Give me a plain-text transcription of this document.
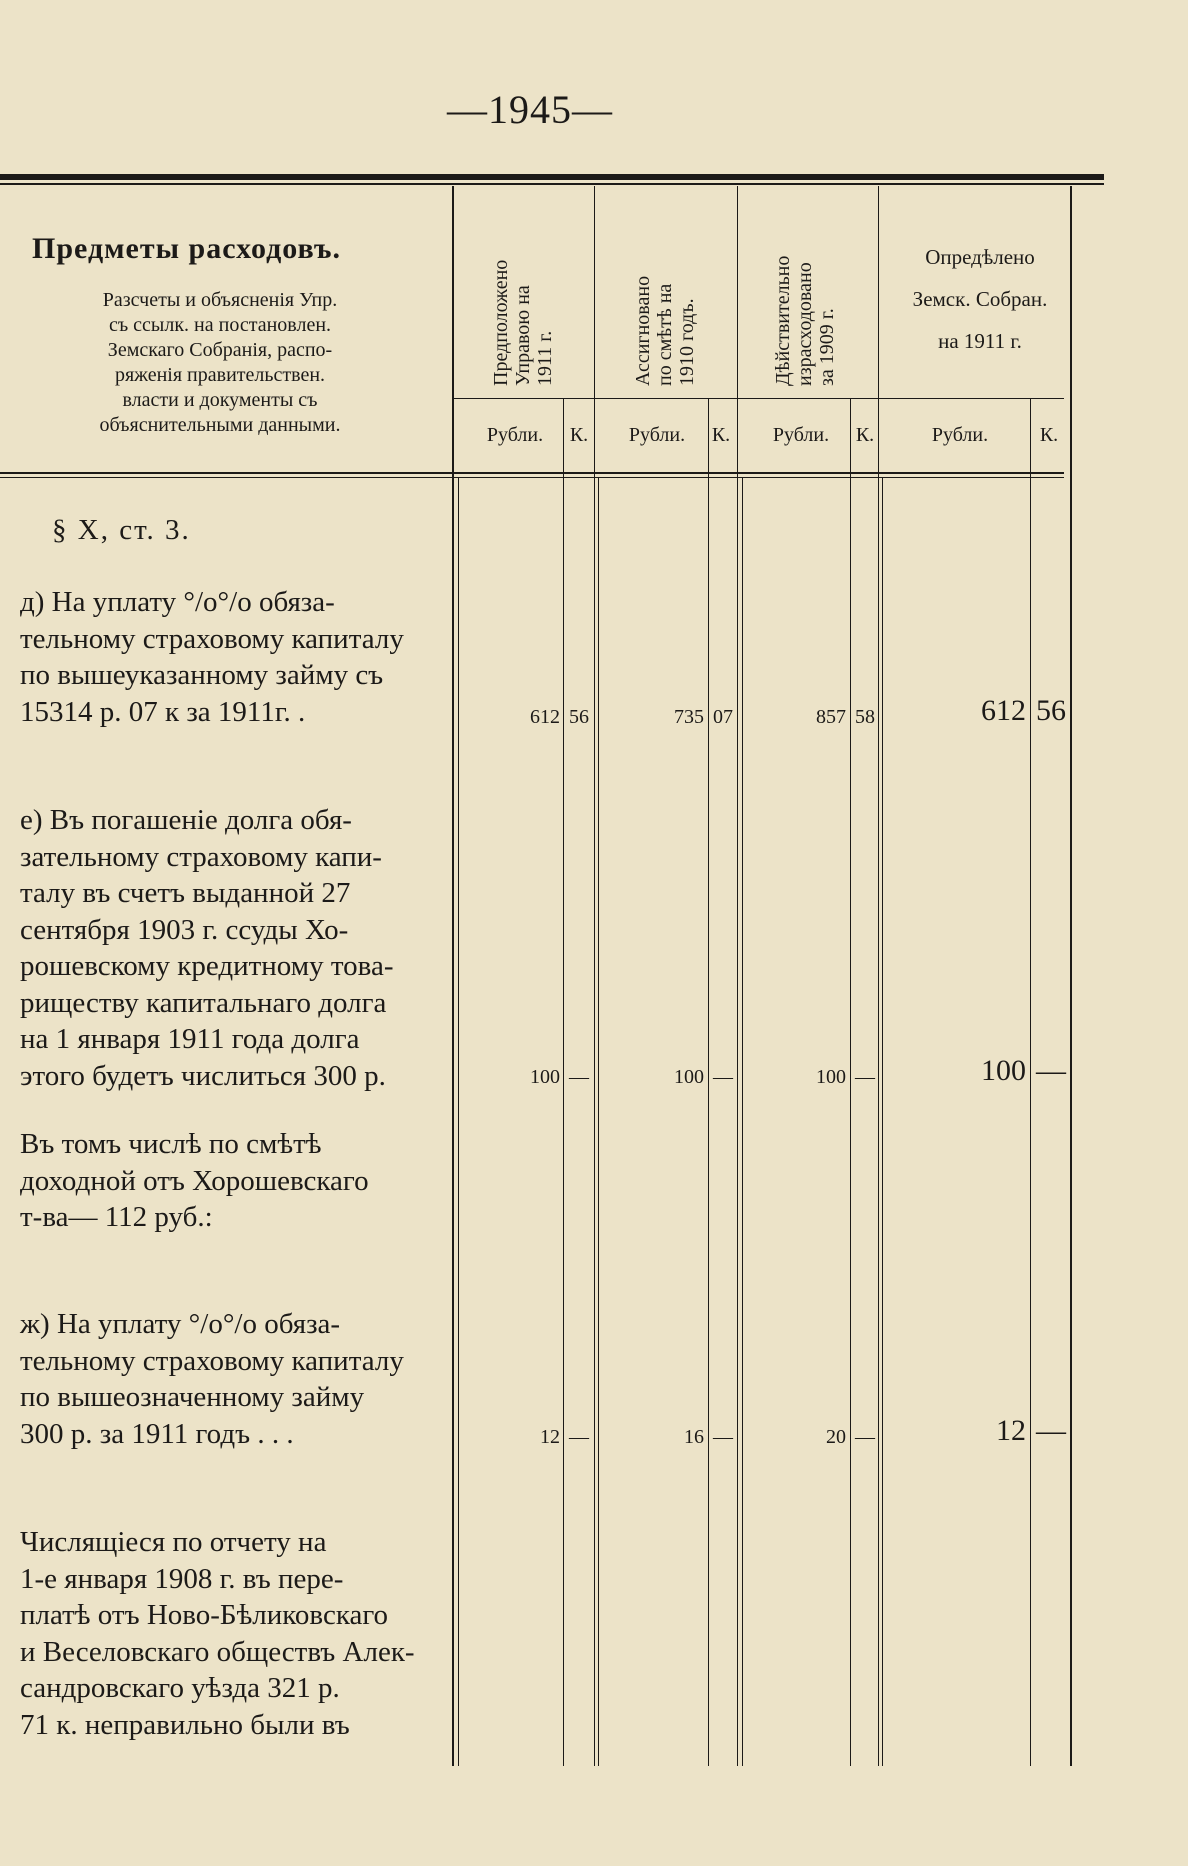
—1945—
Предметы расходовъ.
Разсчеты и объясненія Упр.
съ ссылк. на постановлен.
Земскаго Собранія, распо-
ряженія правительствен.
власти и документы съ
объяснительными данными.
Предположено Управою на 1911 г.	Ассигновано по смѣтѣ на 1910 годъ.	Дѣйствительно израсходовано за 1909 г.
Опредѣлено
Земск. Собран.
на 1911 г.
Рубли.	К.	Рубли.	К.	Рубли.	К.	Рубли.	К.
§ X, ст. 3.
д) На уплату °/о°/о обяза-
тельному страховому капиталу
по вышеуказанному займу съ
15314 р. 07 к за 1911г. .	612 56	735 07	857 58	612 56
е) Въ погашеніе долга обя-
зательному страховому капи-
талу въ счетъ выданной 27
сентября 1903 г. ссуды Хо-
рошевскому кредитному това-
риществу капитальнаго долга
на 1 января 1911 года долга
этого будетъ числиться 300 р.	100 —	100 —	100 —	100 —
Въ томъ числѣ по смѣтѣ
доходной отъ Хорошевскаго
т-ва— 112 руб.:
ж) На уплату °/о°/о обяза-
тельному страховому капиталу
по вышеозначенному займу
300 р. за 1911 годъ . . .	12 —	16 —	20 —	12 —
Числящіеся по отчету на
1-е января 1908 г. въ пере-
платѣ отъ Ново-Бѣликовскаго
и Веселовскаго обществъ Алек-
сандровскаго уѣзда 321 р.
71 к. неправильно были въ
